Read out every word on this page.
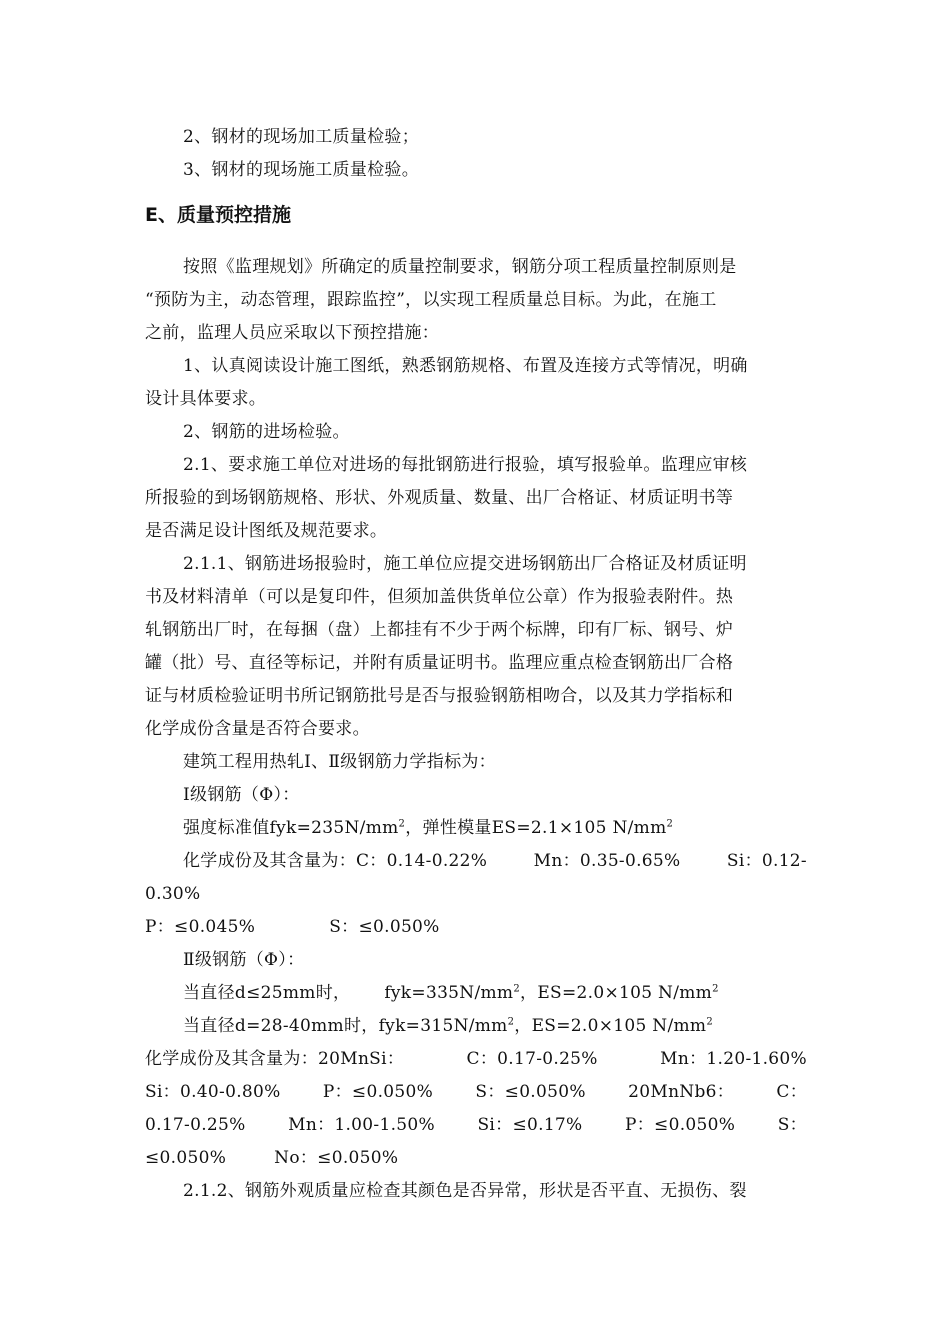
2、钢材的现场加工质量检验；
3、钢材的现场施工质量检验。
E、质量预控措施
按照《监理规划》所确定的质量控制要求，钢筋分项工程质量控制原则是
“预防为主，动态管理，跟踪监控”，以实现工程质量总目标。为此，在施工
之前，监理人员应采取以下预控措施：
1、认真阅读设计施工图纸，熟悉钢筋规格、布置及连接方式等情况，明确
设计具体要求。
2、钢筋的进场检验。
2.1、要求施工单位对进场的每批钢筋进行报验，填写报验单。监理应审核
所报验的到场钢筋规格、形状、外观质量、数量、出厂合格证、材质证明书等
是否满足设计图纸及规范要求。
2.1.1、钢筋进场报验时，施工单位应提交进场钢筋出厂合格证及材质证明
书及材料清单（可以是复印件，但须加盖供货单位公章）作为报验表附件。热
轧钢筋出厂时，在每捆（盘）上都挂有不少于两个标牌，印有厂标、钢号、炉
罐（批）号、直径等标记，并附有质量证明书。监理应重点检查钢筋出厂合格
证与材质检验证明书所记钢筋批号是否与报验钢筋相吻合，以及其力学指标和
化学成份含量是否符合要求。
建筑工程用热轧Ⅰ、Ⅱ级钢筋力学指标为：
Ⅰ级钢筋（Φ）：
强度标准值$fyk=235N/mm^2$，弹性模量ES=2.1×105 $N/mm^2$
化学成份及其含量为：C：0.14-0.22%	Mn：0.35-0.65%	Si：0.12-
0.30%
P：≤0.045%	S：≤0.050%
Ⅱ级钢筋（Φ）：
当直径d≤25mm时， $fyk=335N/mm^2$，ES=2.0×105 $N/mm^2$
当直径d=28-40mm时，$fyk=315N/mm^2$，ES=2.0×105 $N/mm^2$
化学成份及其含量为：20MnSi：	C：0.17-0.25%	Mn：1.20-1.60%
Si：0.40-0.80% P：≤0.050% S：≤0.050% 20MnNb6： C：
0.17-0.25%	Mn：1.00-1.50%	Si：≤0.17%	P：≤0.050%	S：
≤0.050%	No：≤0.050%
2.1.2、钢筋外观质量应检查其颜色是否异常，形状是否平直、无损伤、裂
